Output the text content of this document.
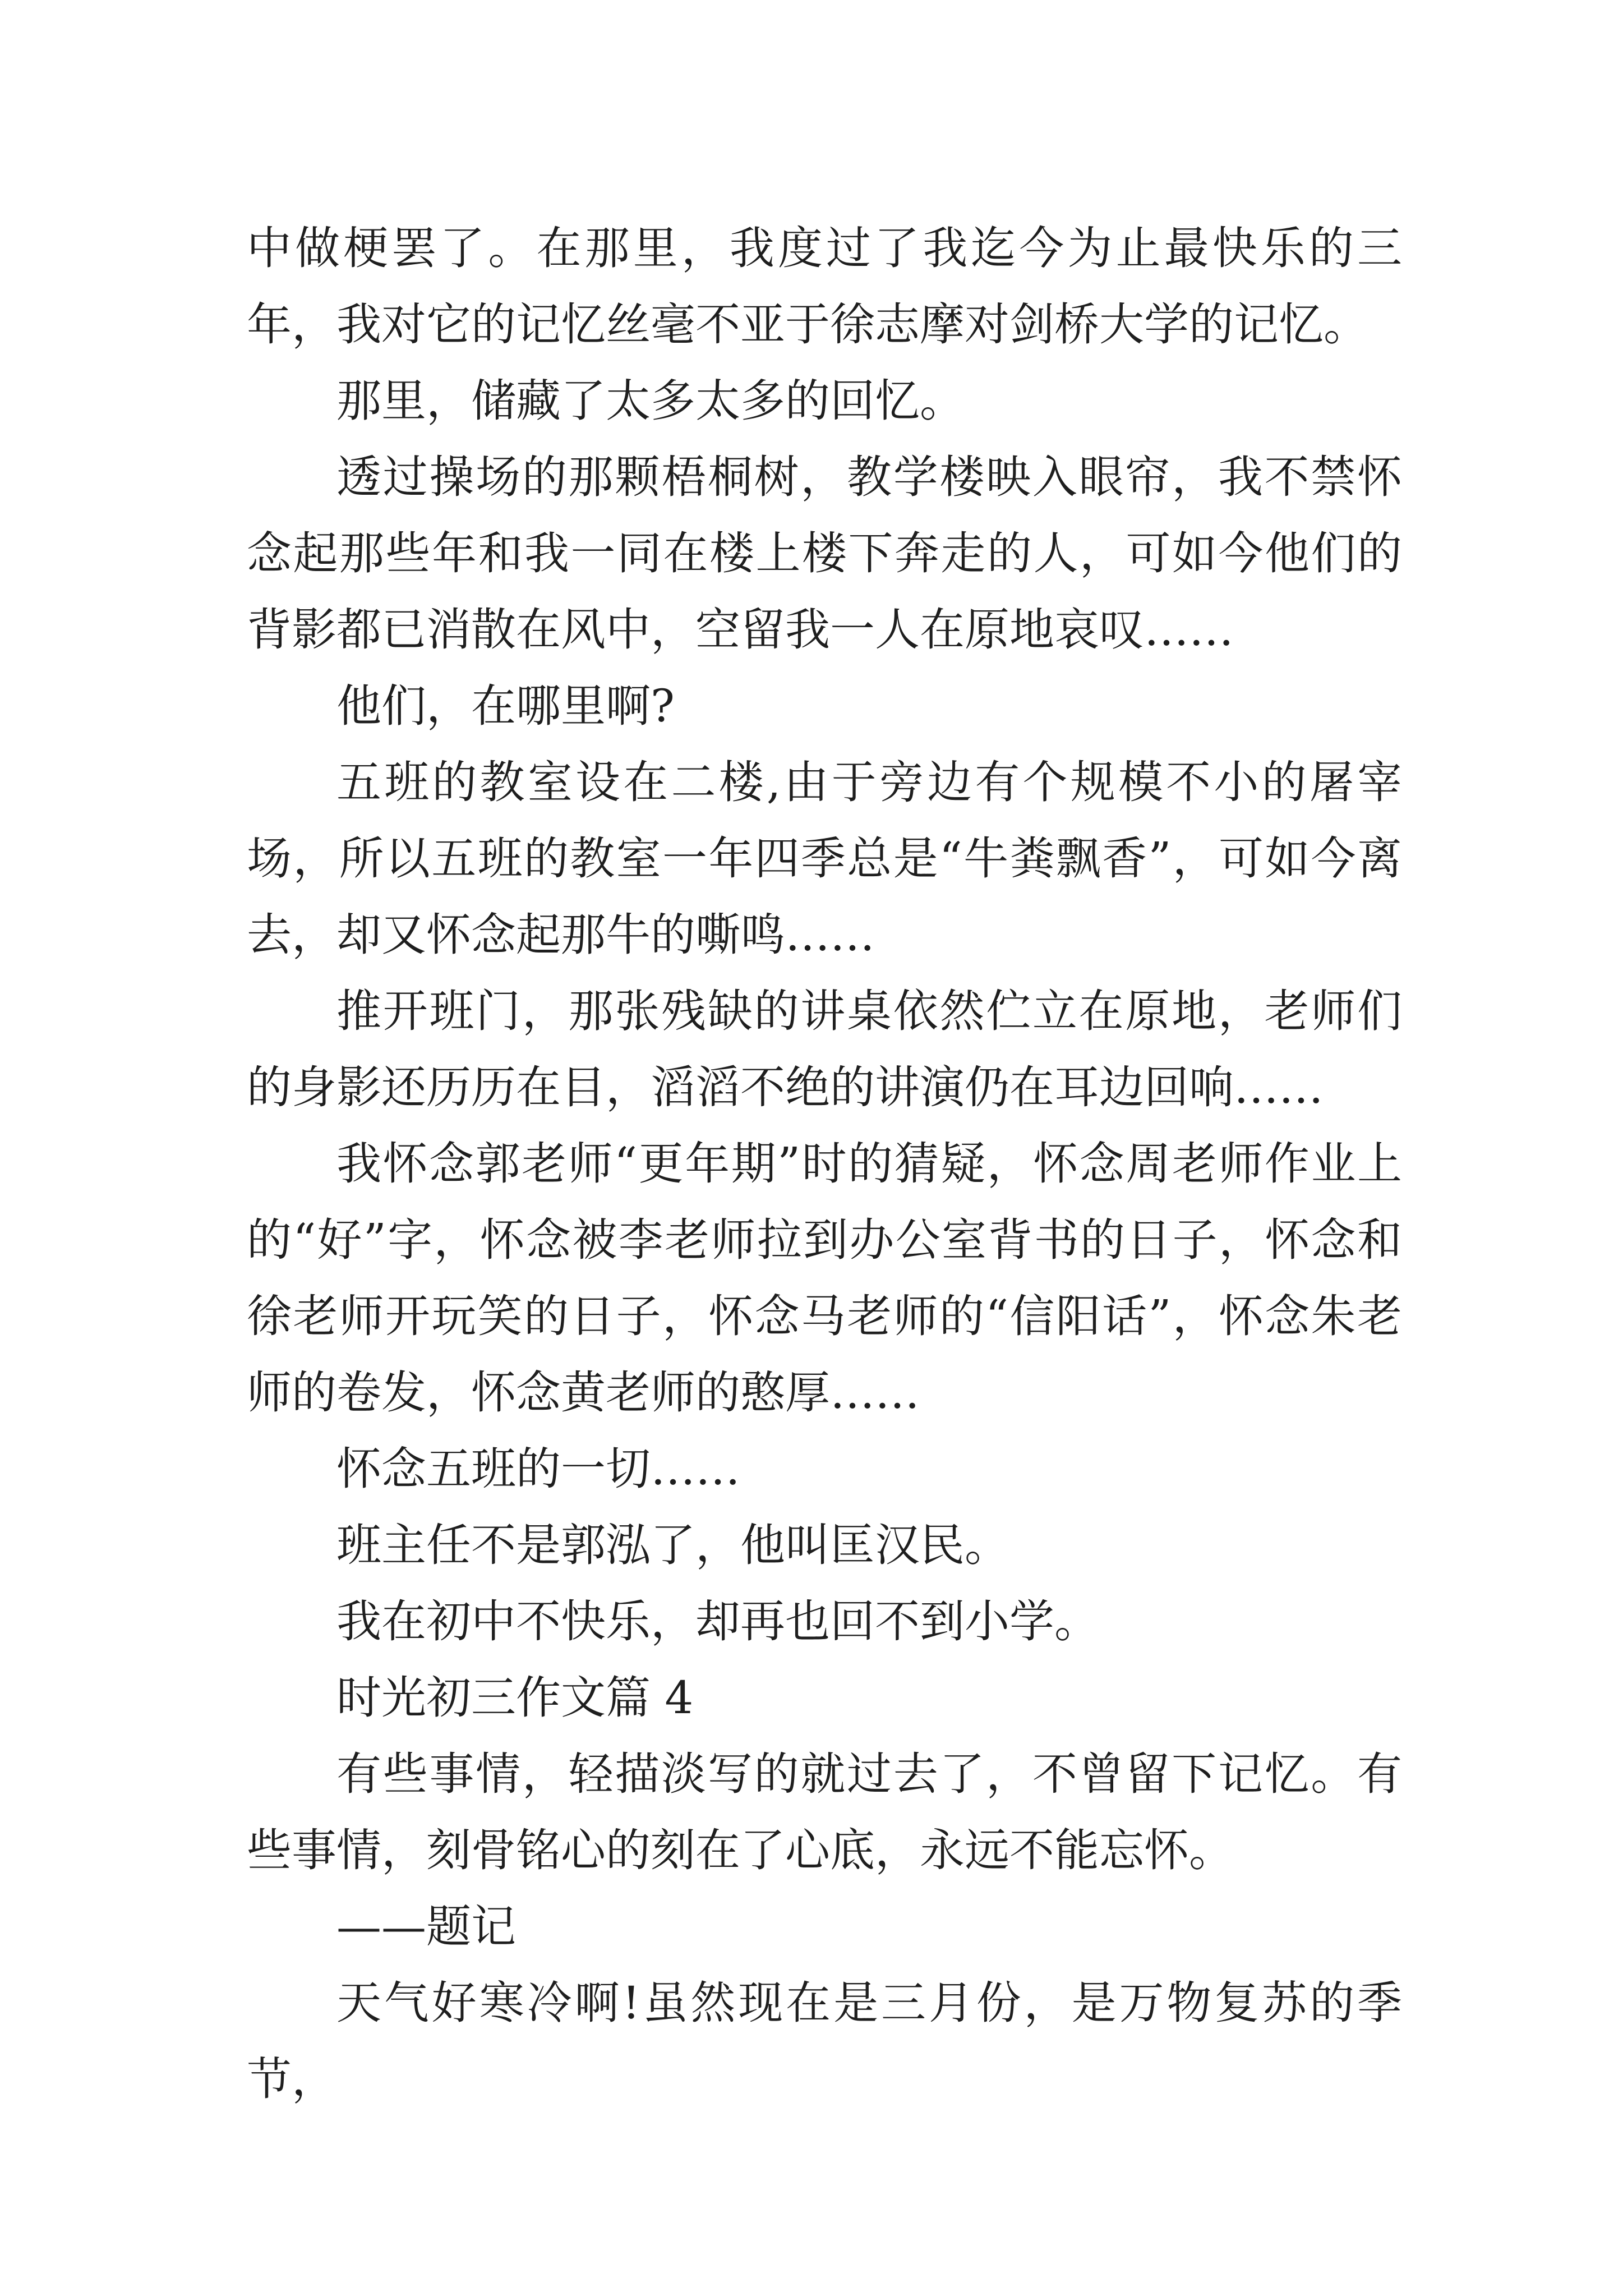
中做梗罢了。在那里，我度过了我迄今为止最快乐的三年，我对它的记忆丝毫不亚于徐志摩对剑桥大学的记忆。

那里，储藏了太多太多的回忆。

透过操场的那颗梧桐树，教学楼映入眼帘，我不禁怀念起那些年和我一同在楼上楼下奔走的人，可如今他们的背影都已消散在风中，空留我一人在原地哀叹……

他们，在哪里啊?

五班的教室设在二楼,由于旁边有个规模不小的屠宰场，所以五班的教室一年四季总是“牛粪飘香”，可如今离去，却又怀念起那牛的嘶鸣……

推开班门，那张残缺的讲桌依然伫立在原地，老师们的身影还历历在目，滔滔不绝的讲演仍在耳边回响……

我怀念郭老师“更年期”时的猜疑，怀念周老师作业上的“好”字，怀念被李老师拉到办公室背书的日子，怀念和徐老师开玩笑的日子，怀念马老师的“信阳话”，怀念朱老师的卷发，怀念黄老师的憨厚……

怀念五班的一切……

班主任不是郭泓了，他叫匡汉民。

我在初中不快乐，却再也回不到小学。

时光初三作文篇 4

有些事情，轻描淡写的就过去了，不曾留下记忆。有些事情，刻骨铭心的刻在了心底，永远不能忘怀。

——题记

天气好寒冷啊!虽然现在是三月份，是万物复苏的季节，
